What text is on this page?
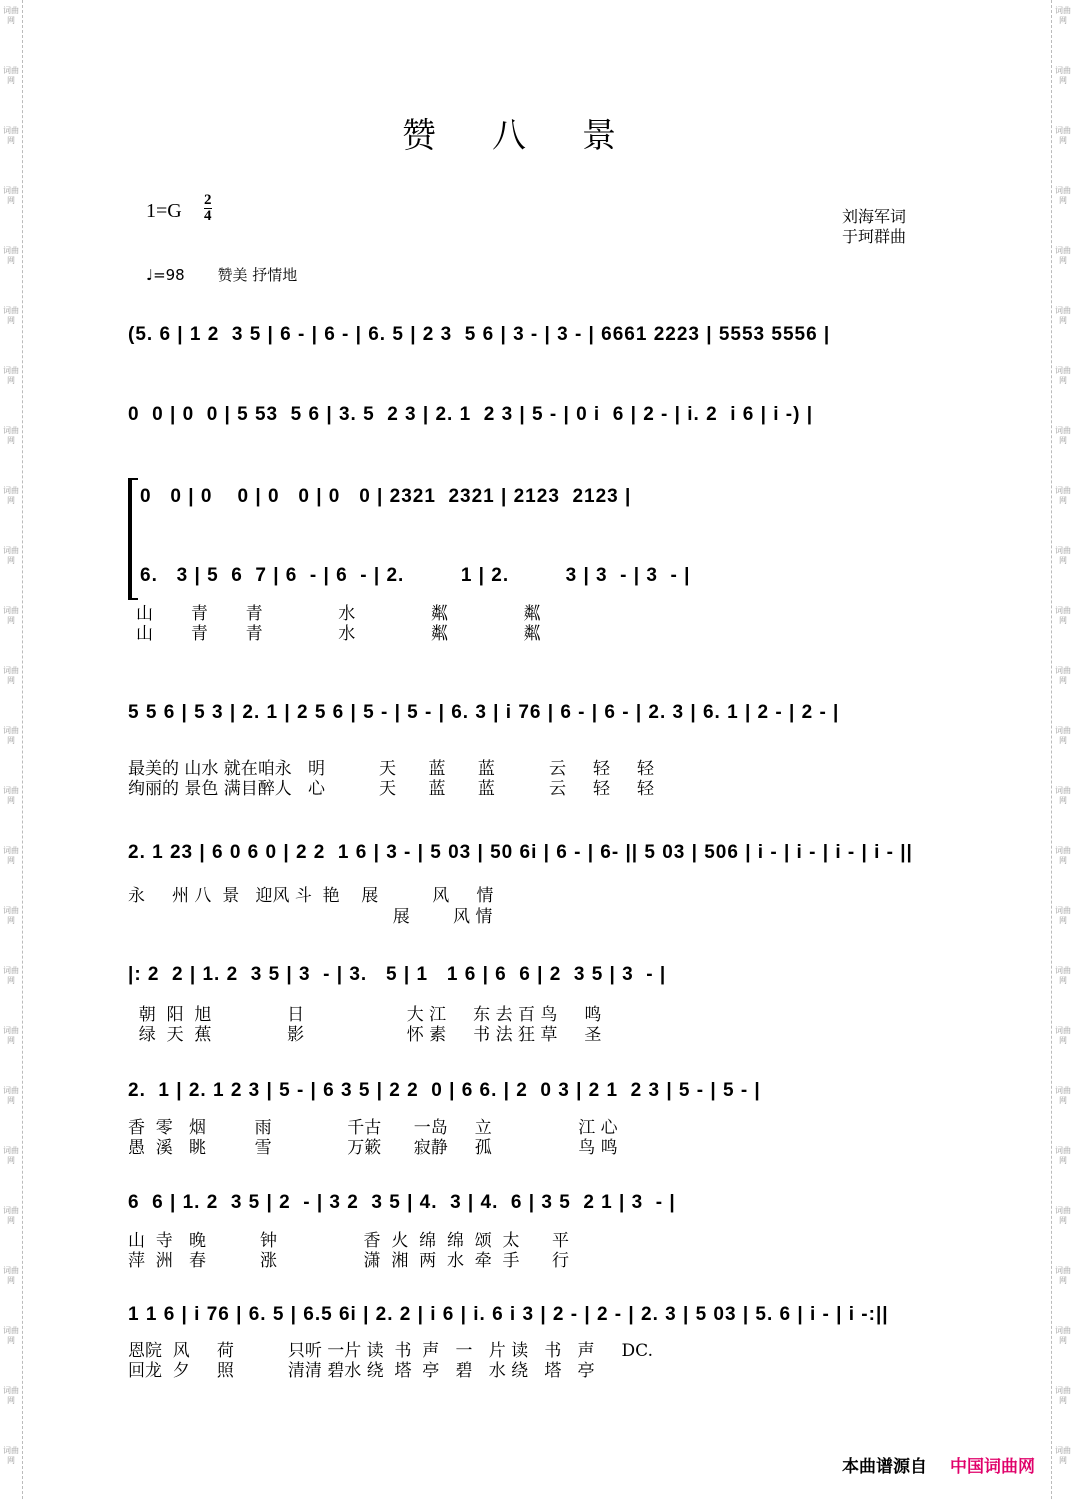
词曲网
词曲网
词曲网
词曲网
词曲网
词曲网
词曲网
词曲网
词曲网
词曲网
词曲网
词曲网
词曲网
词曲网
词曲网
词曲网
词曲网
词曲网
词曲网
词曲网
词曲网
词曲网
词曲网
词曲网
词曲网
词曲网
词曲网
词曲网
词曲网
词曲网
词曲网
词曲网
词曲网
词曲网
词曲网
词曲网
词曲网
词曲网
词曲网
词曲网
词曲网
词曲网
词曲网
词曲网
词曲网
词曲网
词曲网
词曲网
词曲网
词曲网
赞八景
1=G 2
4	刘海军词
于珂群曲
♩=98 赞美 抒情地
(5. 6 | 1 2  3 5 | 6 - | 6 - | 6. 5 | 2 3  5 6 | 3 - | 3 - | 6661 2223 | 5553 5556 |
0  0 | 0  0 | 5 53  5 6 | 3. 5  2 3 | 2. 1  2 3 | 5 - | 0 i  6 | 2 - | i. 2  i 6 | i -) |
0   0 | 0    0 | 0   0 | 0   0 | 2321  2321 | 2123  2123 |
6.   3 | 5  6  7 | 6  - | 6  - | 2.         1 | 2.         3 | 3  - | 3  - |
山       青       青              水              粼              粼
山       青       青              水              粼              粼
5 5 6 | 5 3 | 2. 1 | 2 5 6 | 5 - | 5 - | 6. 3 | i 76 | 6 - | 6 - | 2. 3 | 6. 1 | 2 - | 2 - |
最美的 山水 就在咱永   明          天      蓝      蓝          云     轻     轻
绚丽的 景色 满目醉人   心          天      蓝      蓝          云     轻     轻
2. 1 23 | 6 0 6 0 | 2 2  1 6 | 3 - | 5 03 | 50 6i | 6 - | 6- || 5 03 | 506 | i - | i - | i - | i - ||
永     州 八  景   迎风 斗  艳    展          风     情
展        风 情
|: 2  2 | 1. 2  3 5 | 3  - | 3.   5 | 1   1 6 | 6  6 | 2  3 5 | 3  - |
朝  阳  旭              日                   大 江     东 去 百 鸟     鸣
绿  天  蕉              影                   怀 素     书 法 狂 草     圣
2.  1 | 2. 1 2 3 | 5 - | 6 3 5 | 2 2  0 | 6 6. | 2  0 3 | 2 1  2 3 | 5 - | 5 - |
香  零   烟         雨              千古      一岛     立                江 心
愚  溪   眺         雪              万簌      寂静     孤                鸟 鸣
6  6 | 1. 2  3 5 | 2  - | 3 2  3 5 | 4.  3 | 4.  6 | 3 5  2 1 | 3  - |
山  寺   晚          钟                香  火  绵  绵  颂  太      平
萍  洲   春          涨                潇  湘  两  水  牵  手      行
1 1 6 | i 76 | 6. 5 | 6.5 6i | 2. 2 | i 6 | i. 6 i 3 | 2 - | 2 - | 2. 3 | 5 03 | 5. 6 | i - | i -:||
恩院  风     荷          只听 一片 读  书  声   一   片 读   书   声     DC.
回龙  夕     照          清清 碧水 绕  塔  亭   碧   水 绕   塔   亭
本曲谱源自 中国词曲网
